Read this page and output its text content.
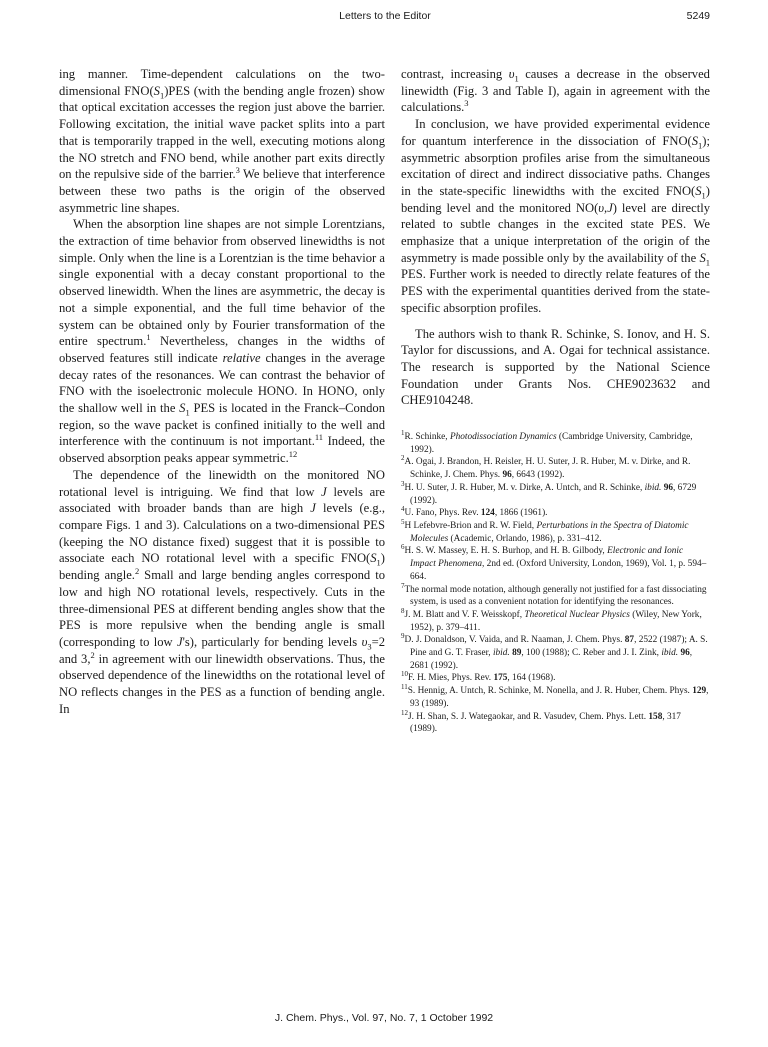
Letters to the Editor	5249

ing manner. Time-dependent calculations on the two-dimensional $FNO(S_1)PES$ (with the bending angle frozen) show that optical excitation accesses the region just above the barrier. Following excitation, the initial wave packet splits into a part that is temporarily trapped in the well, executing motions along the NO stretch and FNO bend, while another part exits directly on the repulsive side of the barrier.$^3$ We believe that interference between these two paths is the origin of the observed asymmetric line shapes.

When the absorption line shapes are not simple Lorentzians, the extraction of time behavior from observed linewidths is not simple. Only when the line is a Lorentzian is the time behavior a single exponential with a decay constant proportional to the observed linewidth. When the lines are asymmetric, the decay is not a simple exponential, and the full time behavior of the system can be obtained only by Fourier transformation of the entire spectrum.$^1$ Nevertheless, changes in the widths of observed features still indicate relative changes in the average decay rates of the resonances. We can contrast the behavior of FNO with the isoelectronic molecule HONO. In HONO, only the shallow well in the $S_1$ PES is located in the Franck–Condon region, so the wave packet is confined initially to the well and interference with the continuum is not important.$^{11}$ Indeed, the observed absorption peaks appear symmetric.$^{12}$

The dependence of the linewidth on the monitored NO rotational level is intriguing. We find that low J levels are associated with broader bands than are high J levels (e.g., compare Figs. 1 and 3). Calculations on a two-dimensional PES (keeping the NO distance fixed) suggest that it is possible to associate each NO rotational level with a specific $FNO(S_1)$ bending angle.$^2$ Small and large bending angles correspond to low and high NO rotational levels, respectively. Cuts in the three-dimensional PES at different bending angles show that the PES is more repulsive when the bending angle is small (corresponding to low J's), particularly for bending levels $\upsilon_3=2$ and 3,$^2$ in agreement with our linewidth observations. Thus, the observed dependence of the linewidths on the rotational level of NO reflects changes in the PES as a function of bending angle. In

contrast, increasing $\upsilon_1$ causes a decrease in the observed linewidth (Fig. 3 and Table I), again in agreement with the calculations.$^3$

In conclusion, we have provided experimental evidence for quantum interference in the dissociation of $FNO(S_1)$; asymmetric absorption profiles arise from the simultaneous excitation of direct and indirect dissociative paths. Changes in the state-specific linewidths with the excited $FNO(S_1)$ bending level and the monitored NO(υ,J) level are directly related to subtle changes in the excited state PES. We emphasize that a unique interpretation of the origin of the asymmetry is made possible only by the availability of the $S_1$ PES. Further work is needed to directly relate features of the PES with the experimental quantities derived from the state-specific absorption profiles.

The authors wish to thank R. Schinke, S. Ionov, and H. S. Taylor for discussions, and A. Ogai for technical assistance. The research is supported by the National Science Foundation under Grants Nos. CHE9023632 and CHE9104248.

$^1$R. Schinke, Photodissociation Dynamics (Cambridge University, Cambridge, 1992).
$^2$A. Ogai, J. Brandon, H. Reisler, H. U. Suter, J. R. Huber, M. v. Dirke, and R. Schinke, J. Chem. Phys. 96, 6643 (1992).
$^3$H. U. Suter, J. R. Huber, M. v. Dirke, A. Untch, and R. Schinke, ibid. 96, 6729 (1992).
$^4$U. Fano, Phys. Rev. 124, 1866 (1961).
$^5$H Lefebvre-Brion and R. W. Field, Perturbations in the Spectra of Diatomic Molecules (Academic, Orlando, 1986), p. 331–412.
$^6$H. S. W. Massey, E. H. S. Burhop, and H. B. Gilbody, Electronic and Ionic Impact Phenomena, 2nd ed. (Oxford University, London, 1969), Vol. 1, p. 594–664.
$^7$The normal mode notation, although generally not justified for a fast dissociating system, is used as a convenient notation for identifying the resonances.
$^8$J. M. Blatt and V. F. Weisskopf, Theoretical Nuclear Physics (Wiley, New York, 1952), p. 379–411.
$^9$D. J. Donaldson, V. Vaida, and R. Naaman, J. Chem. Phys. 87, 2522 (1987); A. S. Pine and G. T. Fraser, ibid. 89, 100 (1988); C. Reber and J. I. Zink, ibid. 96, 2681 (1992).
$^{10}$F. H. Mies, Phys. Rev. 175, 164 (1968).
$^{11}$S. Hennig, A. Untch, R. Schinke, M. Nonella, and J. R. Huber, Chem. Phys. 129, 93 (1989).
$^{12}$J. H. Shan, S. J. Wategaokar, and R. Vasudev, Chem. Phys. Lett. 158, 317 (1989).
J. Chem. Phys., Vol. 97, No. 7, 1 October 1992
